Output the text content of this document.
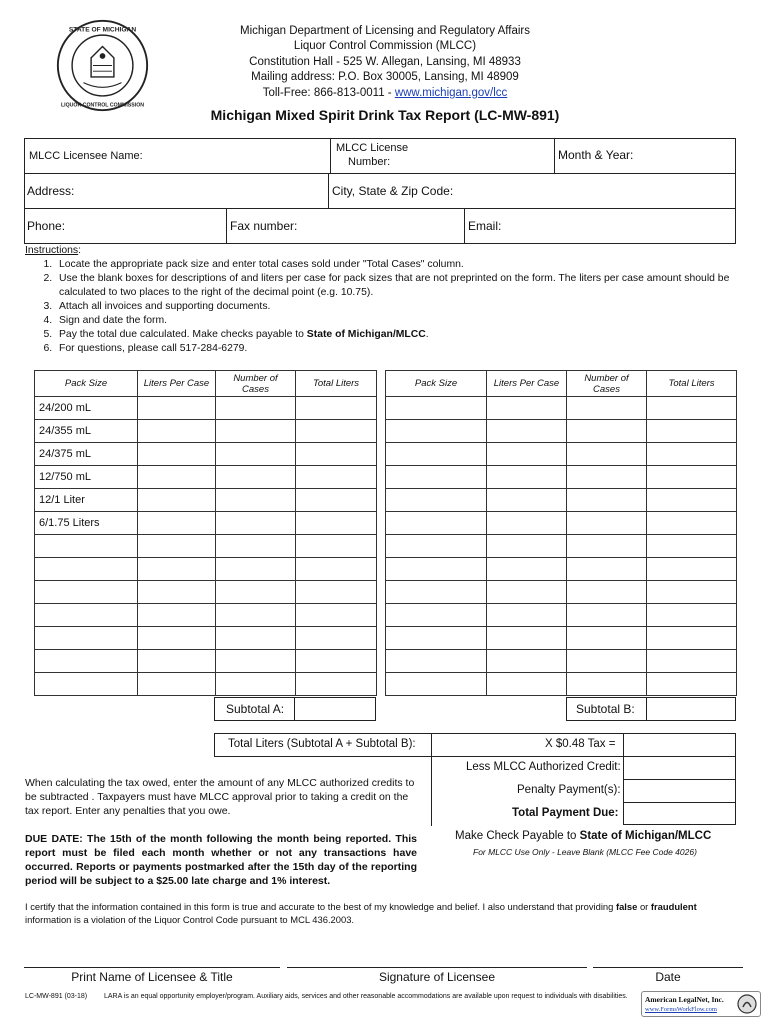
STATE OF MICHIGAN
LIQUOR CONTROL COMMISSION
Michigan Department of Licensing and Regulatory Affairs
Liquor Control Commission (MLCC)
Constitution Hall - 525 W. Allegan, Lansing, MI 48933
Mailing address: P.O. Box 30005, Lansing, MI 48909
Toll-Free: 866-813-0011 - www.michigan.gov/lcc
Michigan Mixed Spirit Drink Tax Report (LC-MW-891)
MLCC Licensee Name:
MLCC License
Number:	Month & Year:
Address:	City, State & Zip Code:
Phone:	Fax number:	Email:
Instructions:
1. Locate the appropriate pack size and enter total cases sold under "Total Cases" column.
2. Use the blank boxes for descriptions of and liters per case for pack sizes that are not preprinted on the form. The liters per case amount should be calculated to two places to the right of the decimal point (e.g. 10.75).
3. Attach all invoices and supporting documents.
4. Sign and date the form.
5. Pay the total due calculated. Make checks payable to State of Michigan/MLCC.
6. For questions, please call 517-284-6279.
Pack Size	Liters Per Case	Number of Cases	Total Liters
24/200 mL			
24/355 mL			
24/375 mL			
12/750 mL			
12/1 Liter			
6/1.75 Liters			

Pack Size	Liters Per Case	Number of Cases	Total Liters

Subtotal A:	Subtotal B:
Total Liters (Subtotal A + Subtotal B):	X $0.48 Tax =
Less MLCC Authorized Credit:
Penalty Payment(s):
Total Payment Due:
Make Check Payable to State of Michigan/MLCC
For MLCC Use Only - Leave Blank (MLCC Fee Code 4026)
When calculating the tax owed, enter the amount of any MLCC authorized credits to be subtracted . Taxpayers must have MLCC approval prior to taking a credit on the tax report. Enter any penalties that you owe.
DUE DATE: The 15th of the month following the month being reported. This report must be filed each month whether or not any transactions have occurred. Reports or payments postmarked after the 15th day of the reporting period will be subject to a $25.00 late charge and 1% interest.
I certify that the information contained in this form is true and accurate to the best of my knowledge and belief. I also understand that providing false or fraudulent
information is a violation of the Liquor Control Code pursuant to MCL 436.2003.
Print Name of Licensee & Title	Signature of Licensee	Date
LC-MW-891 (03-18) LARA is an equal opportunity employer/program. Auxiliary aids, services and other reasonable accommodations are available upon request to individuals with disabilities.	American LegalNet, Inc.
www.FormsWorkFlow.com
